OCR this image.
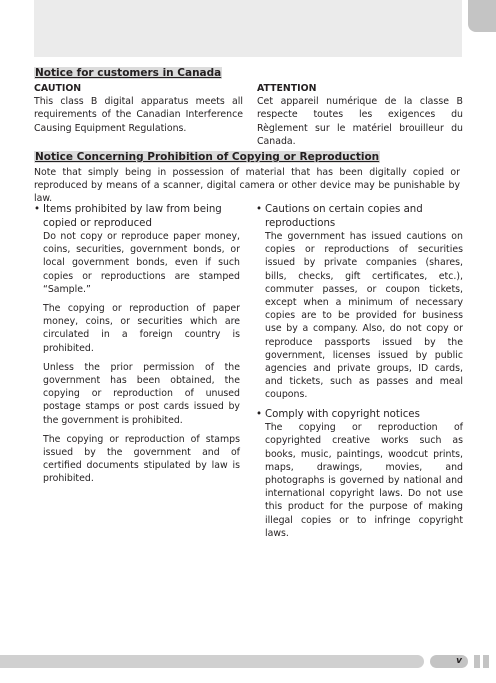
Notice for customers in Canada
CAUTION

This class B digital apparatus meets all requirements of the Canadian Interference Causing Equipment Regulations.

ATTENTION

Cet appareil numérique de la classe B respecte toutes les exigences du Règlement sur le matériel brouilleur du Canada.

Notice Concerning Prohibition of Copying or Reproduction
Note that simply being in possession of material that has been digitally copied or reproduced by means of a scanner, digital camera or other device may be punishable by law.
• Items prohibited by law from being copied or reproduced
Do not copy or reproduce paper money, coins, securities, government bonds, or local government bonds, even if such copies or reproductions are stamped “Sample.”
The copying or reproduction of paper money, coins, or securities which are circulated in a foreign country is prohibited.
Unless the prior permission of the government has been obtained, the copying or reproduction of unused postage stamps or post cards issued by the government is prohibited.
The copying or reproduction of stamps issued by the government and of certified documents stipulated by law is prohibited.
• Cautions on certain copies and reproductions
The government has issued cautions on copies or reproductions of securities issued by private companies (shares, bills, checks, gift certificates, etc.), commuter passes, or coupon tickets, except when a minimum of necessary copies are to be provided for business use by a company. Also, do not copy or reproduce passports issued by the government, licenses issued by public agencies and private groups, ID cards, and tickets, such as passes and meal coupons.
• Comply with copyright notices
The copying or reproduction of copyrighted creative works such as books, music, paintings, woodcut prints, maps, drawings, movies, and photographs is governed by national and international copyright laws. Do not use this product for the purpose of making illegal copies or to infringe copyright laws.
v
